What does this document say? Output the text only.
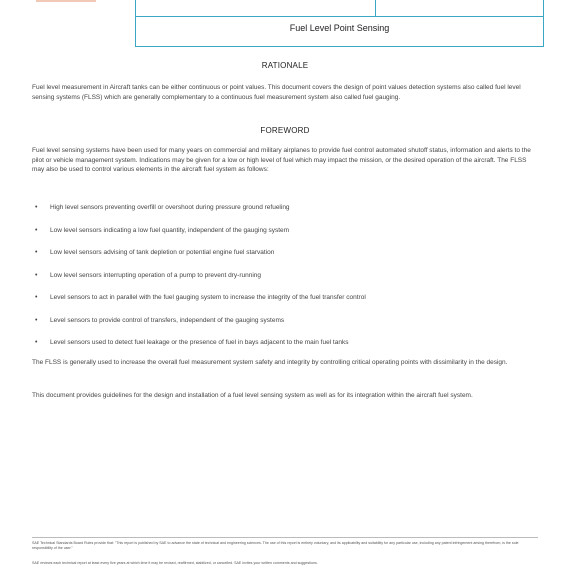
Fuel Level Point Sensing
RATIONALE
Fuel level measurement in Aircraft tanks can be either continuous or point values. This document covers the design of point values detection systems also called fuel level sensing systems (FLSS) which are generally complementary to a continuous fuel measurement system also called fuel gauging.
FOREWORD
Fuel level sensing systems have been used for many years on commercial and military airplanes to provide fuel control automated shutoff status, information and alerts to the pilot or vehicle management system. Indications may be given for a low or high level of fuel which may impact the mission, or the desired operation of the aircraft. The FLSS may also be used to control various elements in the aircraft fuel system as follows:
• High level sensors preventing overfill or overshoot during pressure ground refueling
• Low level sensors indicating a low fuel quantity, independent of the gauging system
• Low level sensors advising of tank depletion or potential engine fuel starvation
• Low level sensors interrupting operation of a pump to prevent dry-running
• Level sensors to act in parallel with the fuel gauging system to increase the integrity of the fuel transfer control
• Level sensors to provide control of transfers, independent of the gauging systems
• Level sensors used to detect fuel leakage or the presence of fuel in bays adjacent to the main fuel tanks
The FLSS is generally used to increase the overall fuel measurement system safety and integrity by controlling critical operating points with dissimilarity in the design.
This document provides guidelines for the design and installation of a fuel level sensing system as well as for its integration within the aircraft fuel system.
SAE Technical Standards Board Rules provide that: "This report is published by SAE to advance the state of technical and engineering sciences. The use of this report is entirely voluntary, and its applicability and suitability for any particular use, including any patent infringement arising therefrom, is the sole responsibility of the user."
SAE reviews each technical report at least every five years at which time it may be revised, reaffirmed, stabilized, or cancelled. SAE invites your written comments and suggestions.
